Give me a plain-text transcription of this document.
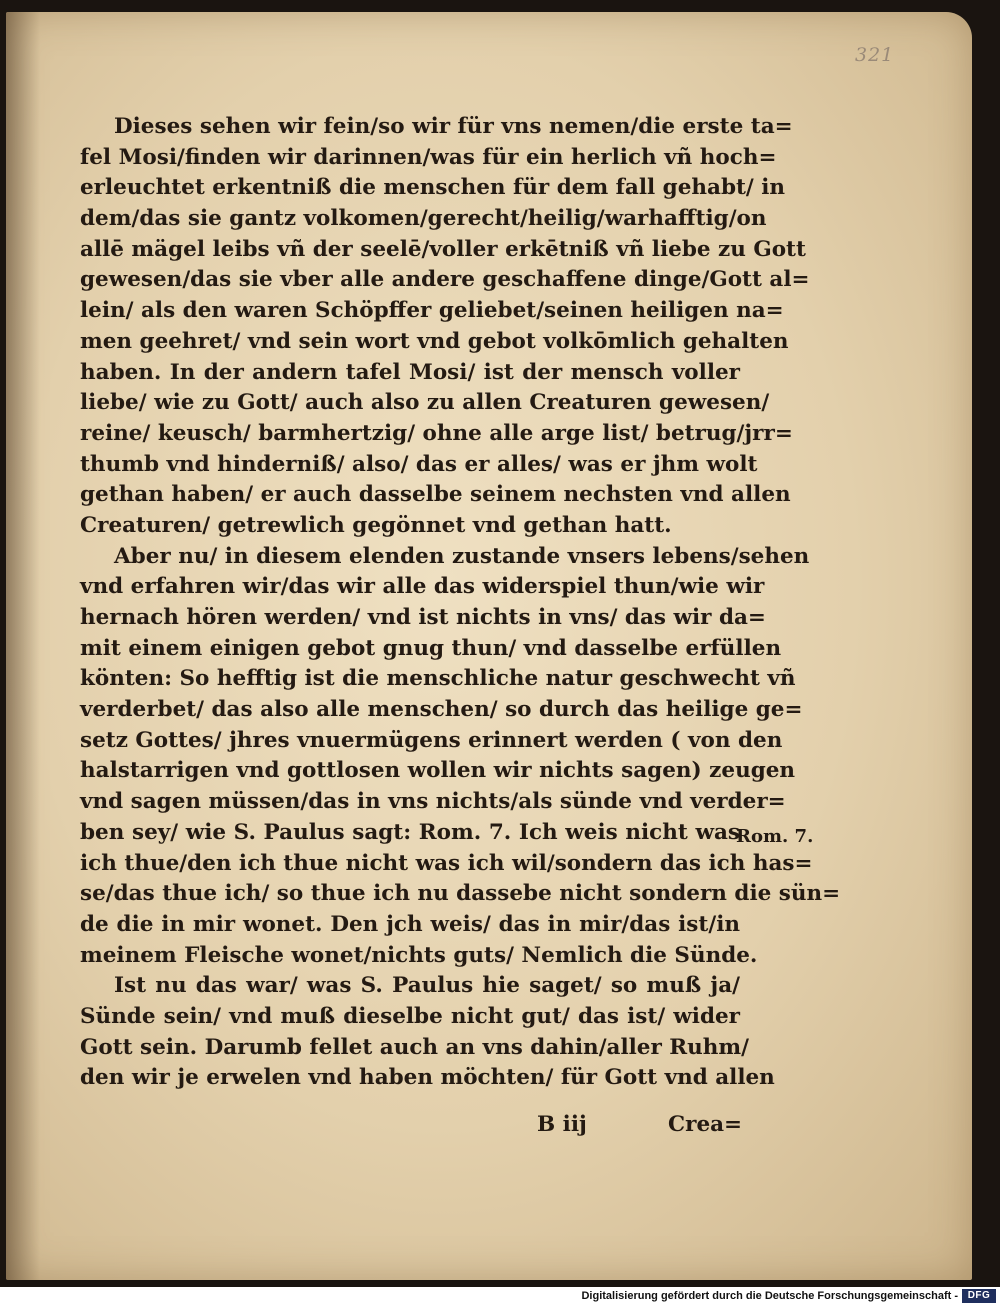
321
Dieses sehen wir fein/so wir für vns nemen/die erste ta=
fel Mosi/finden wir darinnen/was für ein herlich vñ hoch=
erleuchtet erkentniß die menschen für dem fall gehabt/ in
dem/das sie gantz volkomen/gerecht/heilig/warhafftig/on
allē mägel leibs vñ der seelē/voller erkētniß vñ liebe zu Gott
gewesen/das sie vber alle andere geschaffene dinge/Gott al=
lein/ als den waren Schöpffer geliebet/seinen heiligen na=
men geehret/ vnd sein wort vnd gebot volkōmlich gehalten
haben. In der andern tafel Mosi/ ist der mensch voller
liebe/ wie zu Gott/ auch also zu allen Creaturen gewesen/
reine/ keusch/ barmhertzig/ ohne alle arge list/ betrug/jrr=
thumb vnd hinderniß/ also/ das er alles/ was er jhm wolt
gethan haben/ er auch dasselbe seinem nechsten vnd allen
Creaturen/ getrewlich gegönnet vnd gethan hatt.
Aber nu/ in diesem elenden zustande vnsers lebens/sehen
vnd erfahren wir/das wir alle das widerspiel thun/wie wir
hernach hören werden/ vnd ist nichts in vns/ das wir da=
mit einem einigen gebot gnug thun/ vnd dasselbe erfüllen
könten: So hefftig ist die menschliche natur geschwecht vñ
verderbet/ das also alle menschen/ so durch das heilige ge=
setz Gottes/ jhres vnuermügens erinnert werden ( von den
halstarrigen vnd gottlosen wollen wir nichts sagen) zeugen
vnd sagen müssen/das in vns nichts/als sünde vnd verder=
ben sey/ wie S. Paulus sagt: Rom. 7. Ich weis nicht was
ich thue/den ich thue nicht was ich wil/sondern das ich has=
se/das thue ich/ so thue ich nu dassebe nicht sondern die sün=
de die in mir wonet. Den jch weis/ das in mir/das ist/in
meinem Fleische wonet/nichts guts/ Nemlich die Sünde.
Ist nu das war/ was S. Paulus hie saget/ so muß ja/
Sünde sein/ vnd muß dieselbe nicht gut/ das ist/ wider
Gott sein. Darumb fellet auch an vns dahin/aller Ruhm/
den wir je erwelen vnd haben möchten/ für Gott vnd allen
Rom. 7.
B iij	Crea=
Digitalisierung gefördert durch die Deutsche Forschungsgemeinschaft - DFG
